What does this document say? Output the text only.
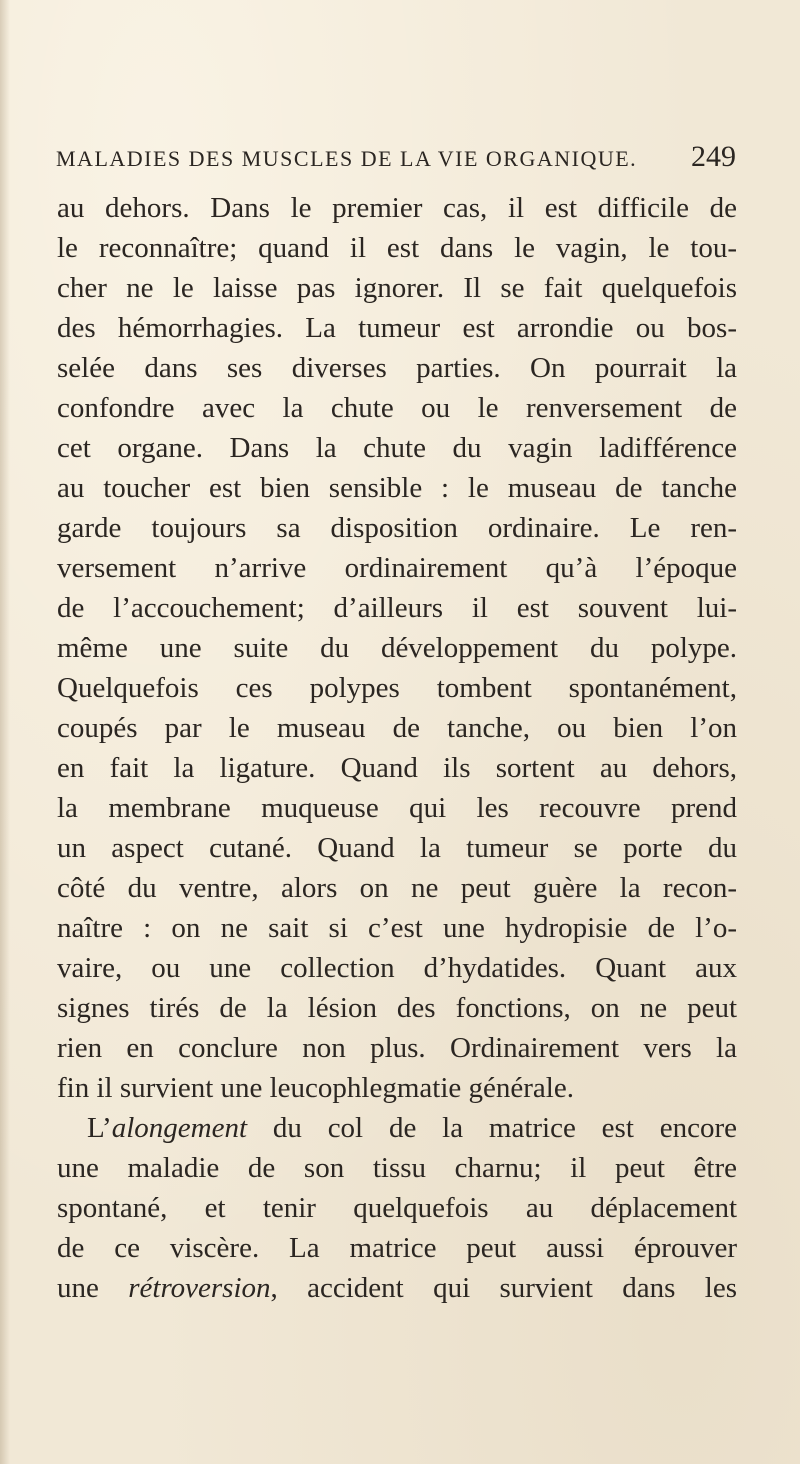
MALADIES DES MUSCLES DE LA VIE ORGANIQUE. 249
au dehors. Dans le premier cas, il est difficile de
le reconnaître; quand il est dans le vagin, le tou-
cher ne le laisse pas ignorer. Il se fait quelquefois
des hémorrhagies. La tumeur est arrondie ou bos-
selée dans ses diverses parties. On pourrait la
confondre avec la chute ou le renversement de
cet organe. Dans la chute du vagin ladifférence
au toucher est bien sensible : le museau de tanche
garde toujours sa disposition ordinaire. Le ren-
versement n’arrive ordinairement qu’à l’époque
de l’accouchement; d’ailleurs il est souvent lui-
même une suite du développement du polype.
Quelquefois ces polypes tombent spontanément,
coupés par le museau de tanche, ou bien l’on
en fait la ligature. Quand ils sortent au dehors,
la membrane muqueuse qui les recouvre prend
un aspect cutané. Quand la tumeur se porte du
côté du ventre, alors on ne peut guère la recon-
naître : on ne sait si c’est une hydropisie de l’o-
vaire, ou une collection d’hydatides. Quant aux
signes tirés de la lésion des fonctions, on ne peut
rien en conclure non plus. Ordinairement vers la
fin il survient une leucophlegmatie générale.
L’alongement du col de la matrice est encore
une maladie de son tissu charnu; il peut être
spontané, et tenir quelquefois au déplacement
de ce viscère. La matrice peut aussi éprouver
une rétroversion, accident qui survient dans les
